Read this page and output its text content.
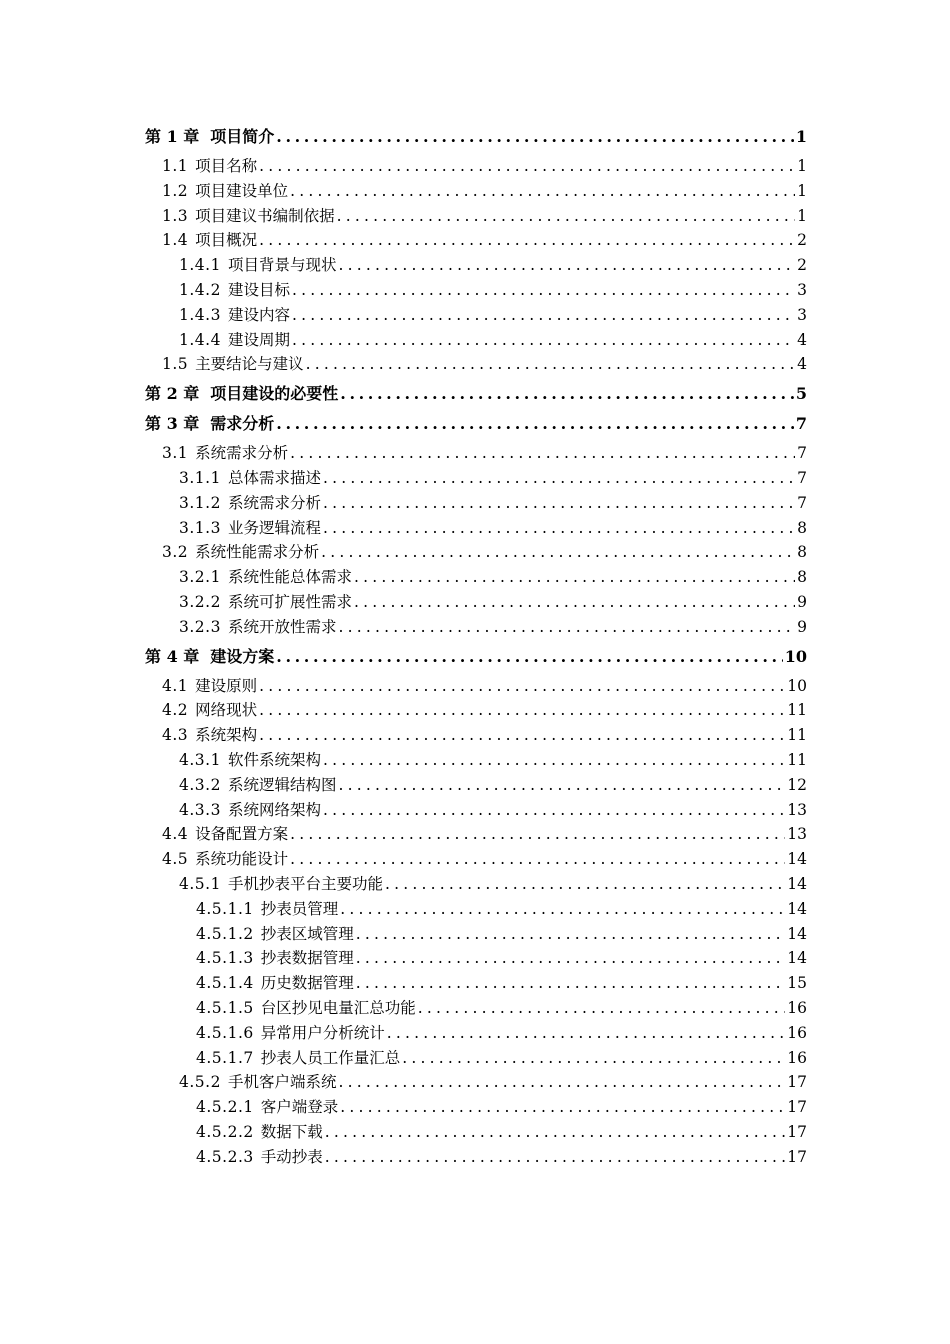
第 1 章 项目简介 .....	1
1.1 项目名称 .....	1
1.2 项目建设单位 .....	1
1.3 项目建议书编制依据 .....	1
1.4 项目概况 .....	2
1.4.1 项目背景与现状 .....	2
1.4.2 建设目标 .....	3
1.4.3 建设内容 .....	3
1.4.4 建设周期 .....	4
1.5 主要结论与建议 .....	4
第 2 章 项目建设的必要性 .....	5
第 3 章 需求分析 .....	7
3.1 系统需求分析 .....	7
3.1.1 总体需求描述 .....	7
3.1.2 系统需求分析 .....	7
3.1.3 业务逻辑流程 .....	8
3.2 系统性能需求分析 .....	8
3.2.1 系统性能总体需求 .....	8
3.2.2 系统可扩展性需求 .....	9
3.2.3 系统开放性需求 .....	9
第 4 章 建设方案 .....	10
4.1 建设原则 .....	10
4.2 网络现状 .....	11
4.3 系统架构 .....	11
4.3.1 软件系统架构 .....	11
4.3.2 系统逻辑结构图 .....	12
4.3.3 系统网络架构 .....	13
4.4 设备配置方案 .....	13
4.5 系统功能设计 .....	14
4.5.1 手机抄表平台主要功能 .....	14
4.5.1.1 抄表员管理 .....	14
4.5.1.2 抄表区域管理 .....	14
4.5.1.3 抄表数据管理 .....	14
4.5.1.4 历史数据管理 .....	15
4.5.1.5 台区抄见电量汇总功能 .....	16
4.5.1.6 异常用户分析统计 .....	16
4.5.1.7 抄表人员工作量汇总 .....	16
4.5.2 手机客户端系统 .....	17
4.5.2.1 客户端登录 .....	17
4.5.2.2 数据下载 .....	17
4.5.2.3 手动抄表 .....	17
